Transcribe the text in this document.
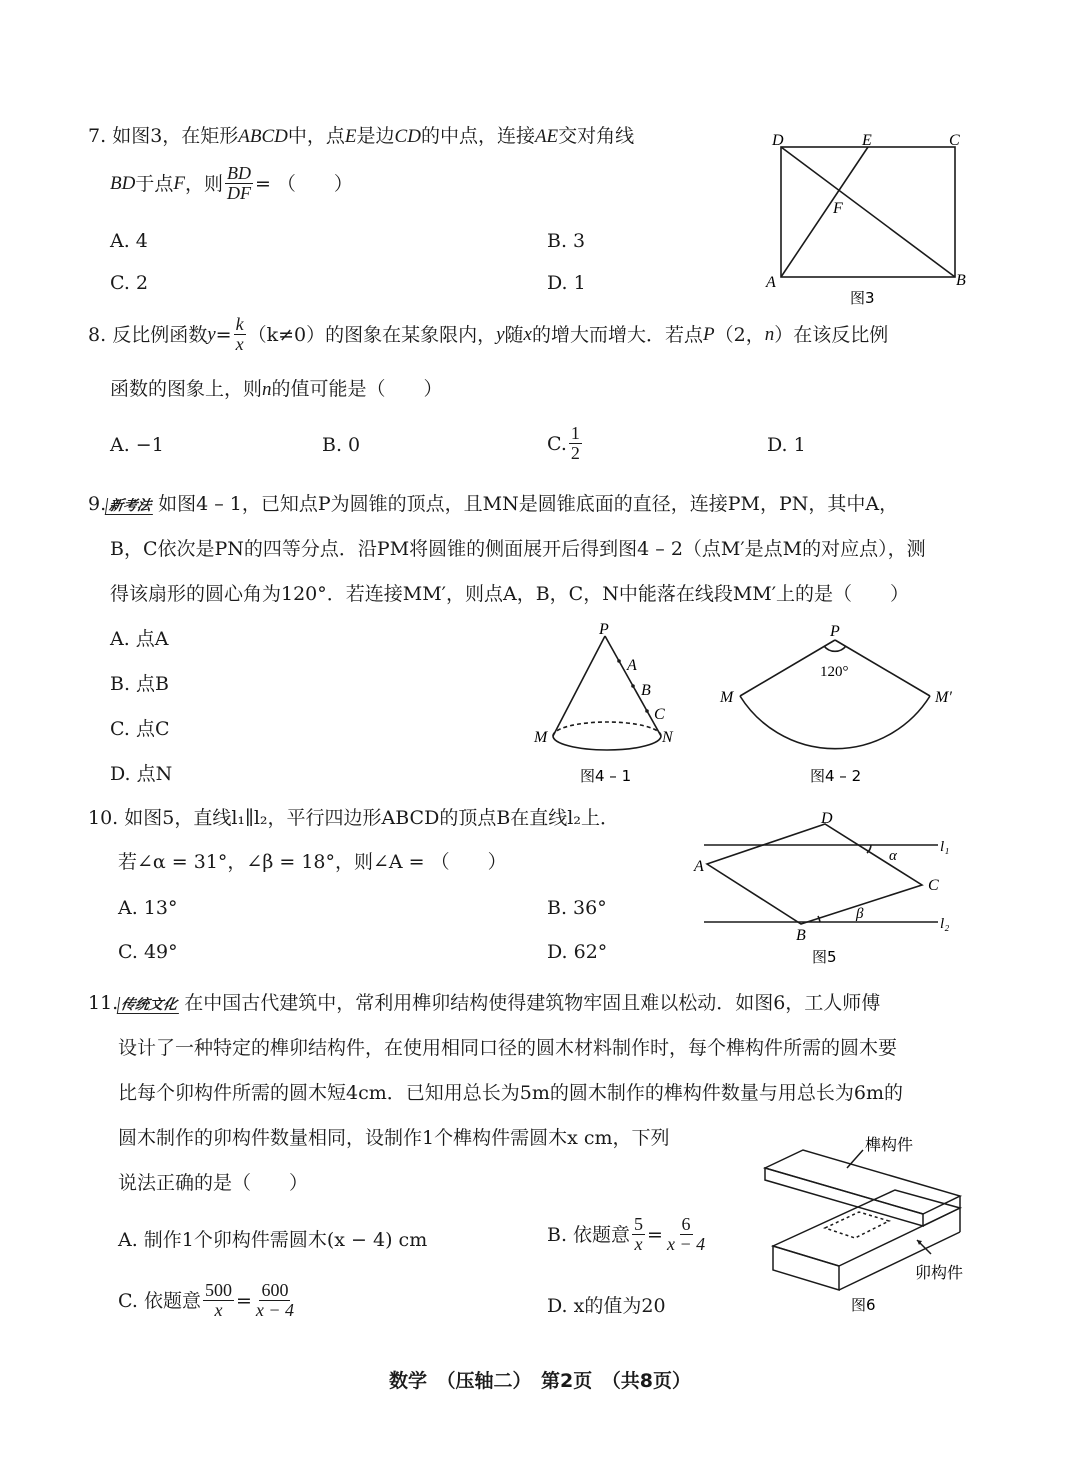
7. 如图3，在矩形ABCD中，点E是边CD的中点，连接AE交对角线
BD 于点 F ，则 $\frac{BD}{DF}$ = （　　）
A. 4	B. 3
C. 2	D. 1
D	E	C
F
A	B
图3
8.
反比例函数 $y = \frac{k}{x} (k\ne 0)$的图象在某象限内， y 随 x 的增大而增大．若点 P （2， n ）在该反比例
函数的图象上，则n的值可能是（　　）
A. −1	B. 0	C. $\frac{1}{2}$	D. 1
9. 新考法 如图4 – 1，已知点P为圆锥的顶点，且MN是圆锥底面的直径，连接PM，PN，其中A，
B，C依次是PN的四等分点．沿PM将圆锥的侧面展开后得到图4 – 2（点M′是点M的对应点），测
得该扇形的圆心角为120°．若连接MM′，则点A，B，C，N中能落在线段MM′上的是（　　）
A. 点A
B. 点B
C. 点C
D. 点N
P
A
B
C
M	N
图4 – 1
P
120°
M	M′
图4 – 2
10. 如图5，直线l₁∥l₂，平行四边形ABCD的顶点B在直线l₂上．
若∠α = 31°，∠β = 18°，则∠A = （　　）
A. 13°	B. 36°
C. 49°	D. 62°
D
A
C
B
α
β
l₁
l₂
图5
11. 传统文化 在中国古代建筑中，常利用榫卯结构使得建筑物牢固且难以松动．如图6，工人师傅
设计了一种特定的榫卯结构件，在使用相同口径的圆木材料制作时，每个榫构件所需的圆木要
比每个卯构件所需的圆木短4cm．已知用总长为5m的圆木制作的榫构件数量与用总长为6m的
圆木制作的卯构件数量相同，设制作1个榫构件需圆木x cm，下列
说法正确的是（　　）
A. 制作1个卯构件需圆木(x − 4) cm	B. 依题意 $\frac{5}{x} = \frac{6}{x - 4}$
C. 依题意 $\frac{500}{x} = \frac{600}{x - 4}$	D. x的值为20
榫构件
卯构件
图6
数学　（压轴二）　第2页　（共8页）
